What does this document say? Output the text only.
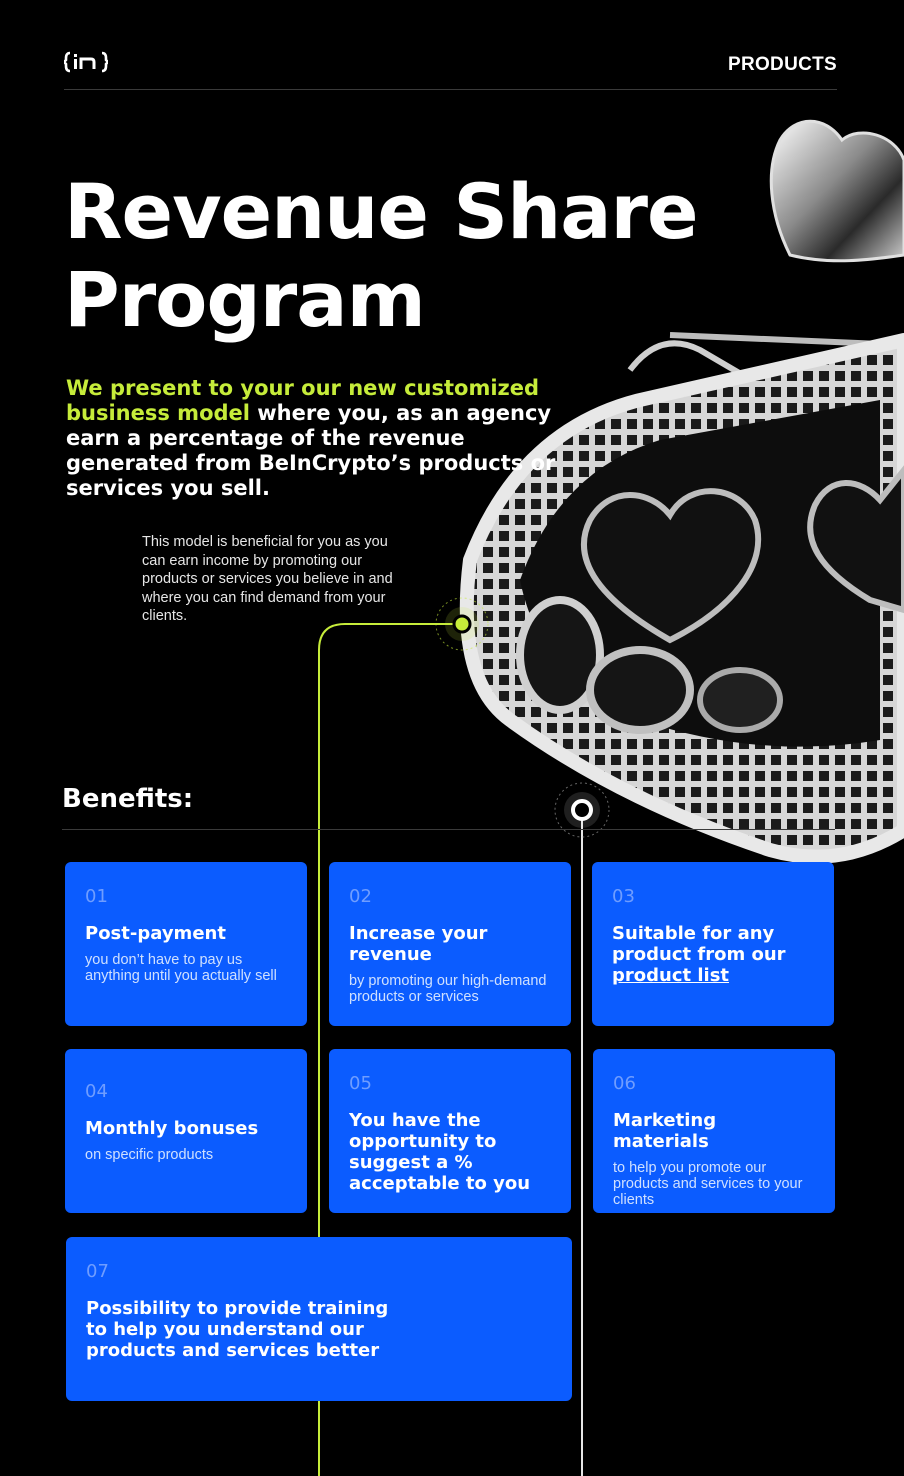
PRODUCTS
Revenue Share
Program

We present to your our new customized business model where you, as an agency earn a percentage of the revenue generated from BeInCrypto’s products or services you sell.

This model is beneficial for you as you can earn income by promoting our products or services you believe in and where you can find demand from your clients.

Benefits:
01
Post-payment
you don’t have to pay us anything until you actually sell
02
Increase your revenue
by promoting our high-demand products or services
03
Suitable for any product from our
product list
04
Monthly bonuses
on specific products
05
You have the opportunity to suggest a % acceptable to you
06
Marketing materials
to help you promote our products and services to your clients
07
Possibility to provide training to help you understand our products and services better
